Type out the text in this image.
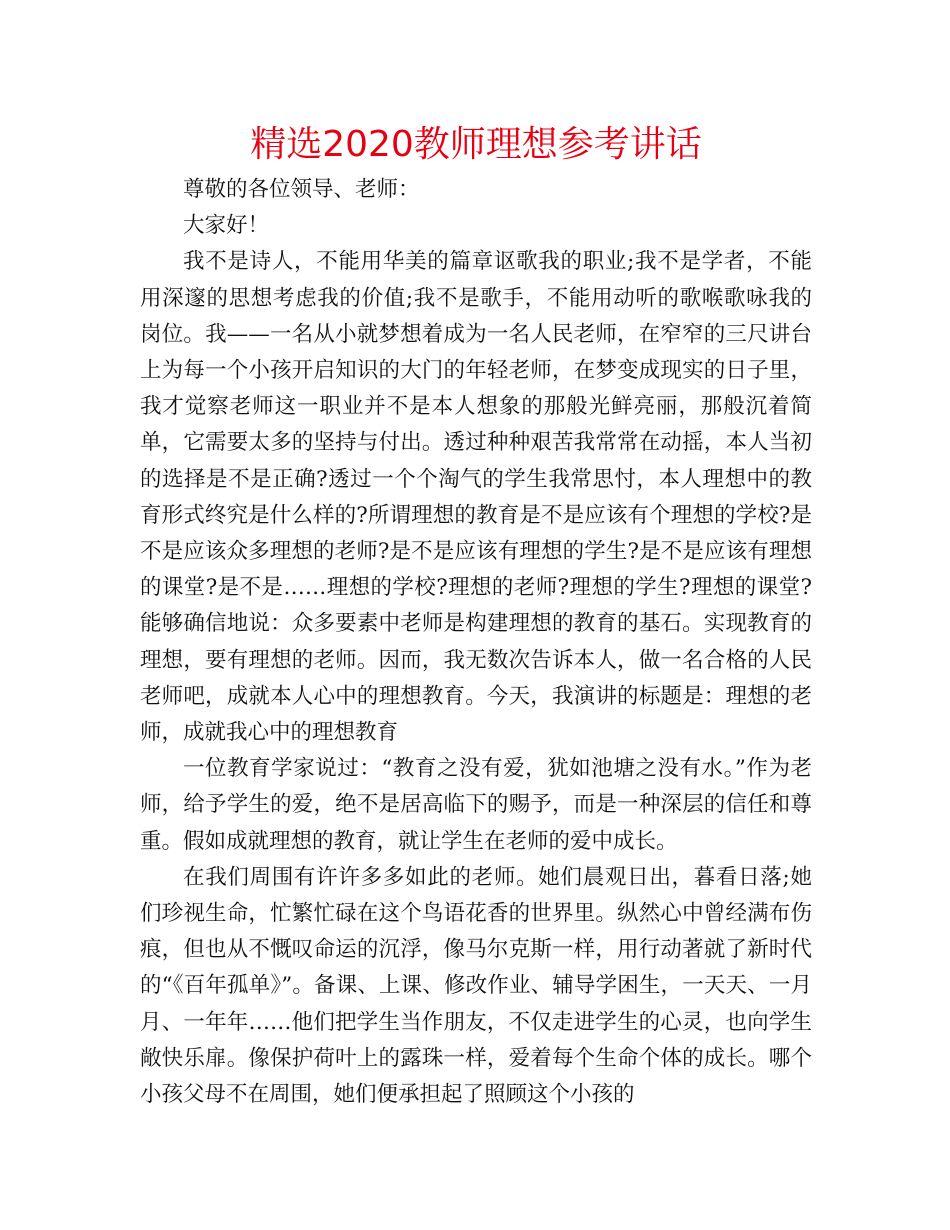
精选2020教师理想参考讲话

尊敬的各位领导、老师：

大家好！

我不是诗人，不能用华美的篇章讴歌我的职业;我不是学者，不能用深邃的思想考虑我的价值;我不是歌手，不能用动听的歌喉歌咏我的岗位。我——一名从小就梦想着成为一名人民老师，在窄窄的三尺讲台上为每一个小孩开启知识的大门的年轻老师，在梦变成现实的日子里，我才觉察老师这一职业并不是本人想象的那般光鲜亮丽，那般沉着简单，它需要太多的坚持与付出。透过种种艰苦我常常在动摇，本人当初的选择是不是正确?透过一个个淘气的学生我常思忖，本人理想中的教育形式终究是什么样的?所谓理想的教育是不是应该有个理想的学校?是不是应该众多理想的老师?是不是应该有理想的学生?是不是应该有理想的课堂?是不是……理想的学校?理想的老师?理想的学生?理想的课堂?能够确信地说：众多要素中老师是构建理想的教育的基石。实现教育的理想，要有理想的老师。因而，我无数次告诉本人，做一名合格的人民老师吧，成就本人心中的理想教育。今天，我演讲的标题是：理想的老师，成就我心中的理想教育

一位教育学家说过：“教育之没有爱，犹如池塘之没有水。”作为老师，给予学生的爱，绝不是居高临下的赐予，而是一种深层的信任和尊重。假如成就理想的教育，就让学生在老师的爱中成长。

在我们周围有许许多多如此的老师。她们晨观日出，暮看日落;她们珍视生命，忙繁忙碌在这个鸟语花香的世界里。纵然心中曾经满布伤痕，但也从不慨叹命运的沉浮，像马尔克斯一样，用行动著就了新时代的“《百年孤单》”。备课、上课、修改作业、辅导学困生，一天天、一月月、一年年……他们把学生当作朋友，不仅走进学生的心灵，也向学生敞快乐扉。像保护荷叶上的露珠一样，爱着每个生命个体的成长。哪个小孩父母不在周围，她们便承担起了照顾这个小孩的
